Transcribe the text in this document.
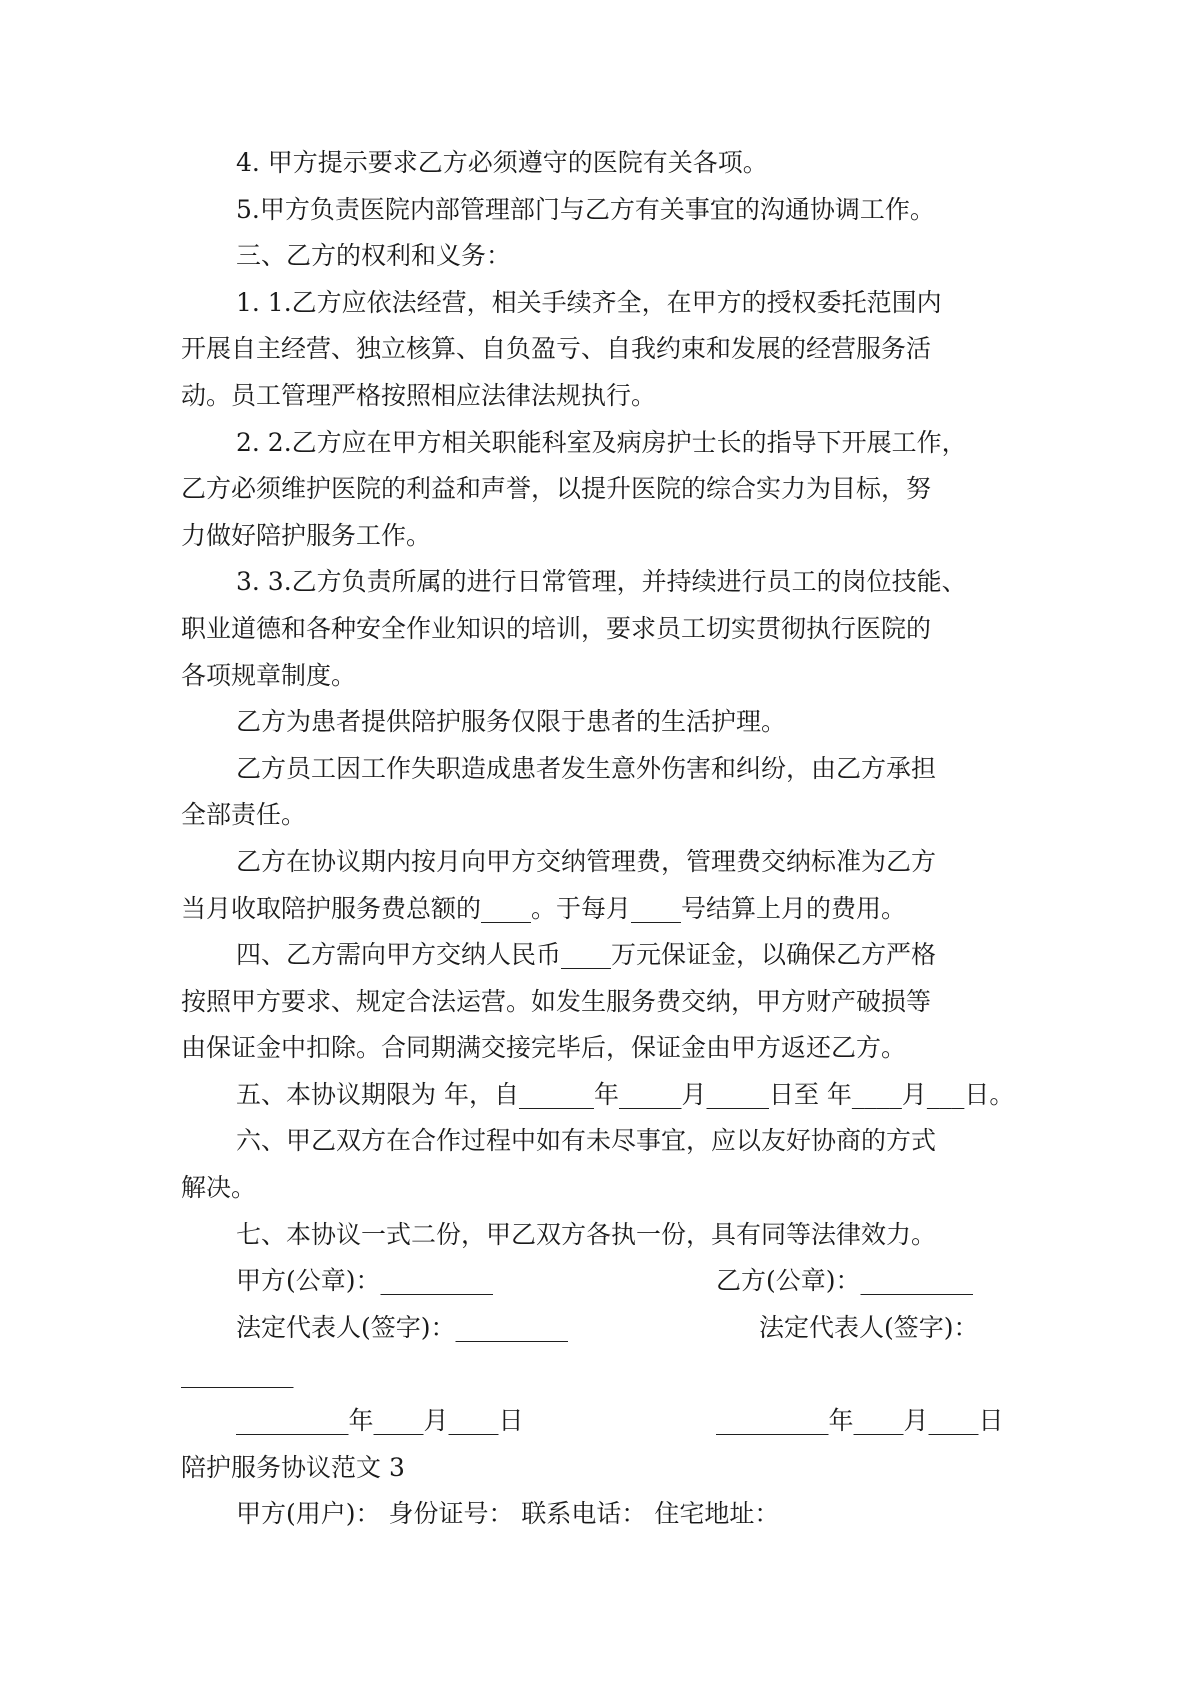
4. 甲方提示要求乙方必须遵守的医院有关各项。
5.甲方负责医院内部管理部门与乙方有关事宜的沟通协调工作。
三、乙方的权利和义务：
1. 1.乙方应依法经营，相关手续齐全，在甲方的授权委托范围内
开展自主经营、独立核算、自负盈亏、自我约束和发展的经营服务活
动。员工管理严格按照相应法律法规执行。
2. 2.乙方应在甲方相关职能科室及病房护士长的指导下开展工作，
乙方必须维护医院的利益和声誉，以提升医院的综合实力为目标，努
力做好陪护服务工作。
3. 3.乙方负责所属的进行日常管理，并持续进行员工的岗位技能、
职业道德和各种安全作业知识的培训，要求员工切实贯彻执行医院的
各项规章制度。
乙方为患者提供陪护服务仅限于患者的生活护理。
乙方员工因工作失职造成患者发生意外伤害和纠纷，由乙方承担
全部责任。
乙方在协议期内按月向甲方交纳管理费，管理费交纳标准为乙方
当月收取陪护服务费总额的____。于每月____号结算上月的费用。
四、乙方需向甲方交纳人民币____万元保证金，以确保乙方严格
按照甲方要求、规定合法运营。如发生服务费交纳，甲方财产破损等
由保证金中扣除。合同期满交接完毕后，保证金由甲方返还乙方。
五、本协议期限为 年，自______年_____月_____日至 年____月___日。
六、甲乙双方在合作过程中如有未尽事宜，应以友好协商的方式
解决。
七、本协议一式二份，甲乙双方各执一份，具有同等法律效力。
甲方(公章)：_________	乙方(公章)：_________
法定代表人(签字)：_________	法定代表人(签字)：
_________
_________年____月____日	_________年____月____日
陪护服务协议范文 3
甲方(用户)： 身份证号： 联系电话： 住宅地址：
